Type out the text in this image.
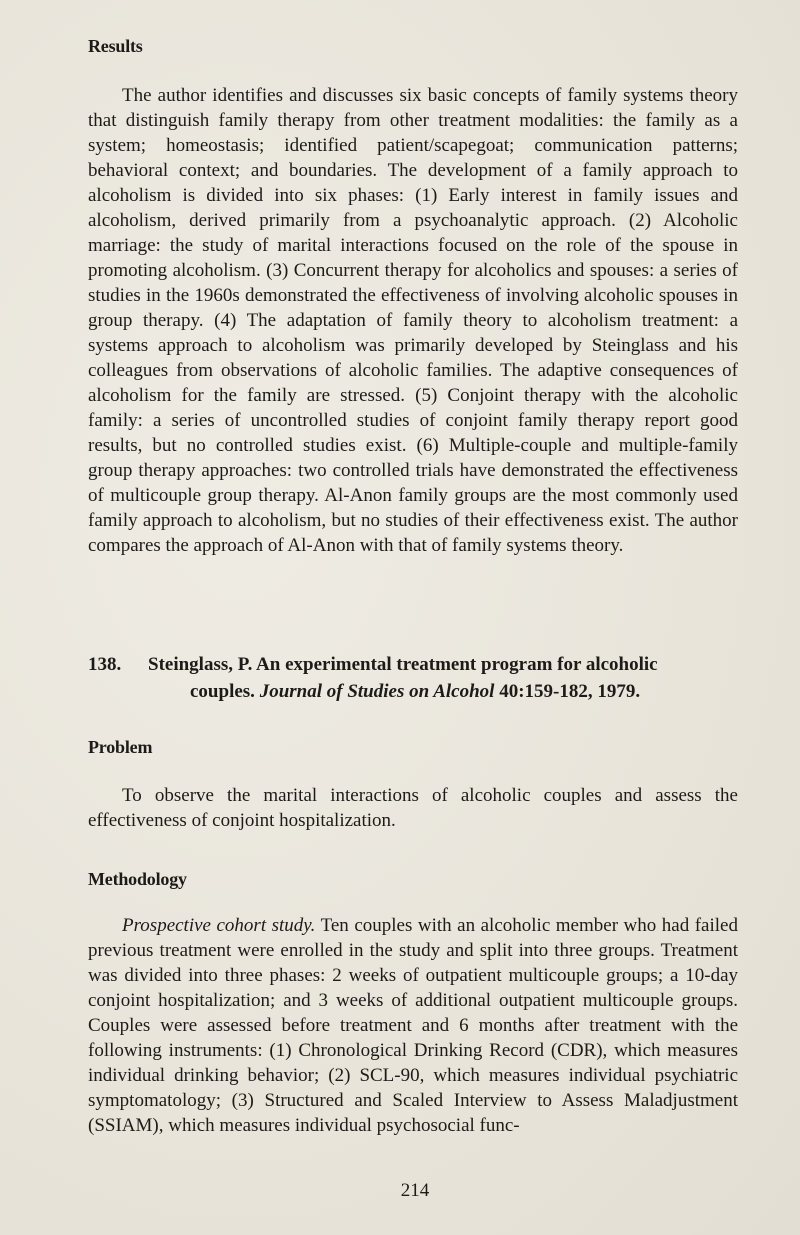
Results
The author identifies and discusses six basic concepts of family systems theory that distinguish family therapy from other treatment modalities: the family as a system; homeostasis; identified patient/scapegoat; communication patterns; behavioral context; and boundaries. The development of a family approach to alcoholism is divided into six phases: (1) Early interest in family issues and alcoholism, derived primarily from a psychoanalytic approach. (2) Alcoholic marriage: the study of marital interactions focused on the role of the spouse in promoting alcoholism. (3) Concurrent therapy for alcoholics and spouses: a series of studies in the 1960s demonstrated the effectiveness of involving alcoholic spouses in group therapy. (4) The adaptation of family theory to alcoholism treatment: a systems approach to alcoholism was primarily developed by Steinglass and his colleagues from observations of alcoholic families. The adaptive consequences of alcoholism for the family are stressed. (5) Conjoint therapy with the alcoholic family: a series of uncontrolled studies of conjoint family therapy report good results, but no controlled studies exist. (6) Multiple-couple and multiple-family group therapy approaches: two controlled trials have demonstrated the effectiveness of multicouple group therapy. Al-Anon family groups are the most commonly used family approach to alcoholism, but no studies of their effectiveness exist. The author compares the approach of Al-Anon with that of family systems theory.
138. Steinglass, P. An experimental treatment program for alcoholic
couples. Journal of Studies on Alcohol 40:159-182, 1979.
Problem
To observe the marital interactions of alcoholic couples and assess the effectiveness of conjoint hospitalization.
Methodology
Prospective cohort study. Ten couples with an alcoholic member who had failed previous treatment were enrolled in the study and split into three groups. Treatment was divided into three phases: 2 weeks of outpatient multicouple groups; a 10-day conjoint hospitalization; and 3 weeks of additional outpatient multicouple groups. Couples were assessed before treatment and 6 months after treatment with the following instruments: (1) Chronological Drinking Record (CDR), which measures individual drinking behavior; (2) SCL-90, which measures individual psychiatric symptomatology; (3) Structured and Scaled Interview to Assess Maladjustment (SSIAM), which measures individual psychosocial func-
214
